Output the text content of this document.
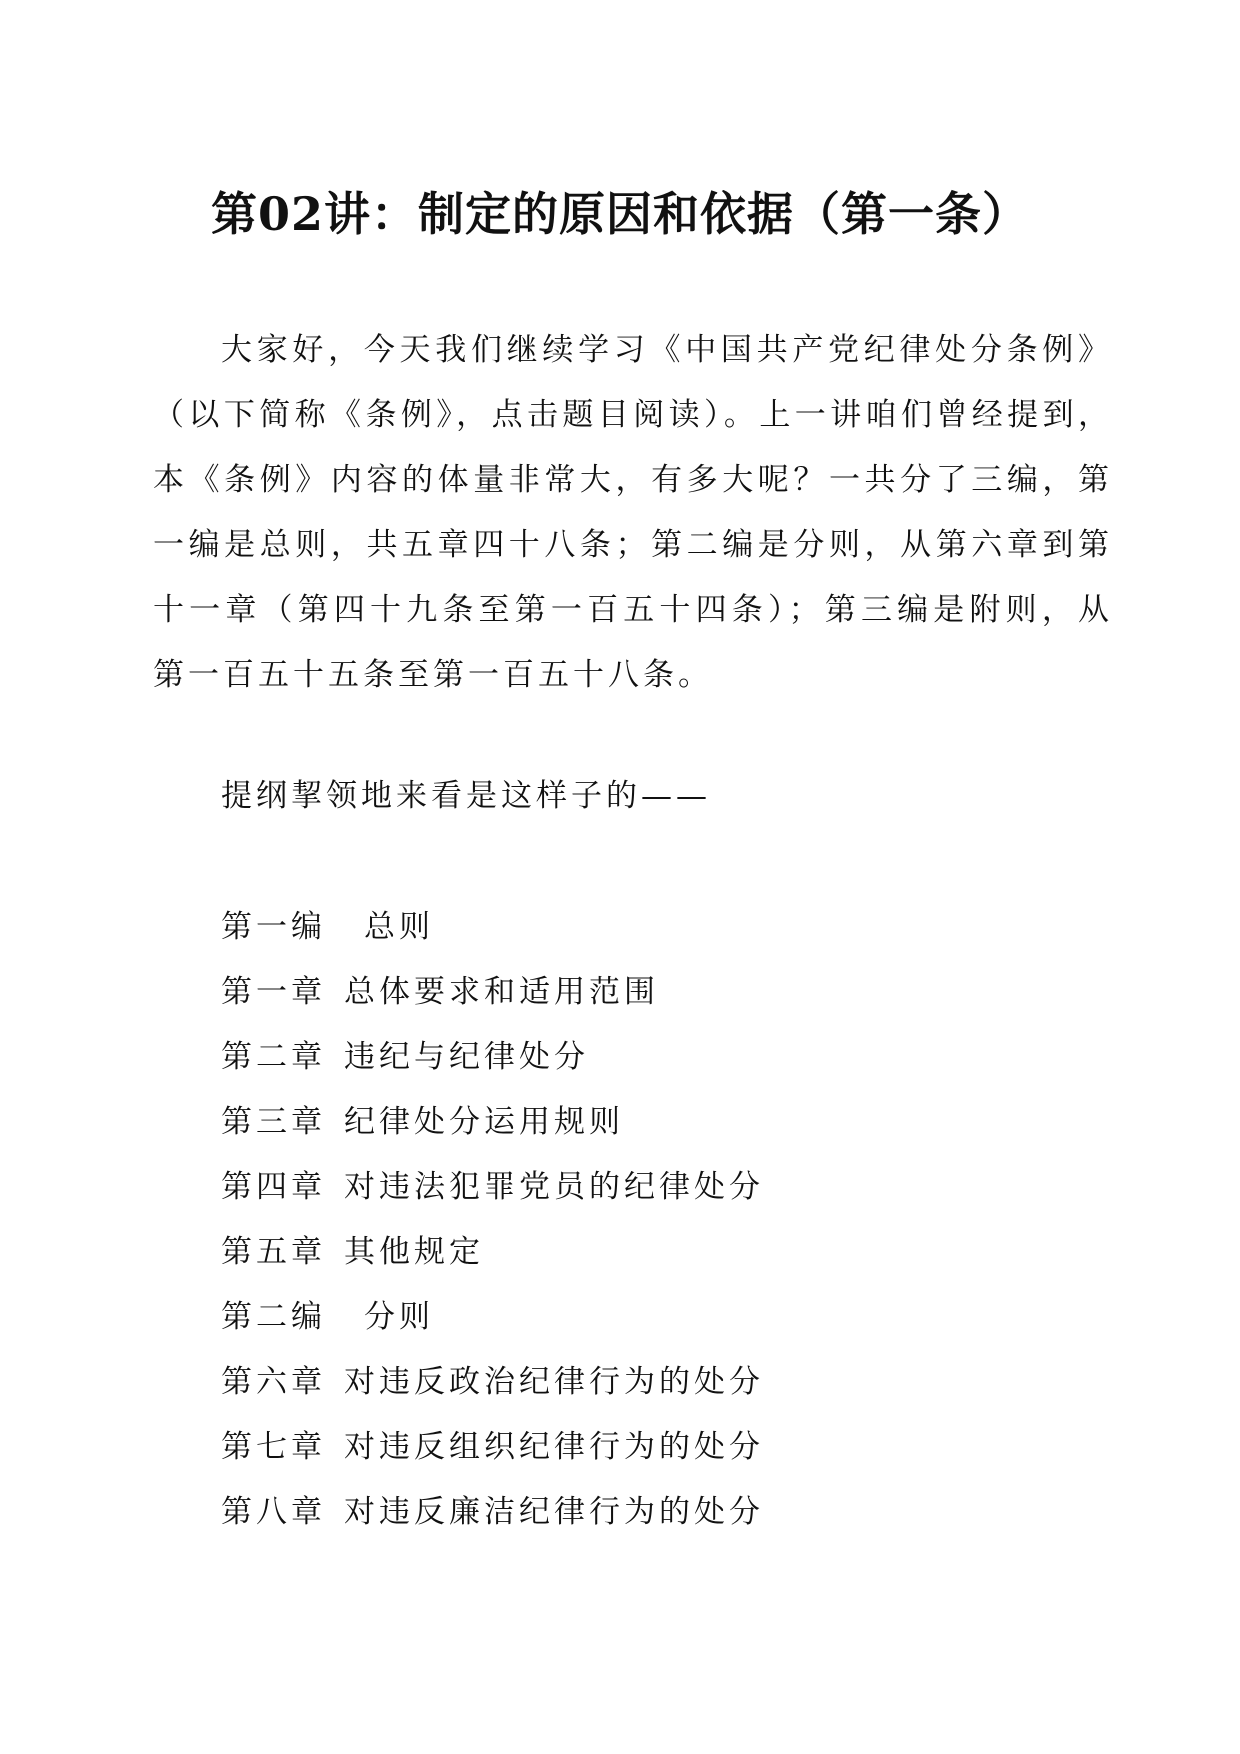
第02讲：制定的原因和依据（第一条）

大家好，今天我们继续学习《中国共产党纪律处分条例》（以下简称《条例》，点击题目阅读）。上一讲咱们曾经提到，本《条例》内容的体量非常大，有多大呢？一共分了三编，第一编是总则，共五章四十八条；第二编是分则，从第六章到第十一章（第四十九条至第一百五十四条）；第三编是附则，从第一百五十五条至第一百五十八条。

提纲挈领地来看是这样子的——

第一编 总则
第一章 总体要求和适用范围
第二章 违纪与纪律处分
第三章 纪律处分运用规则
第四章 对违法犯罪党员的纪律处分
第五章 其他规定
第二编 分则
第六章 对违反政治纪律行为的处分
第七章 对违反组织纪律行为的处分
第八章 对违反廉洁纪律行为的处分
